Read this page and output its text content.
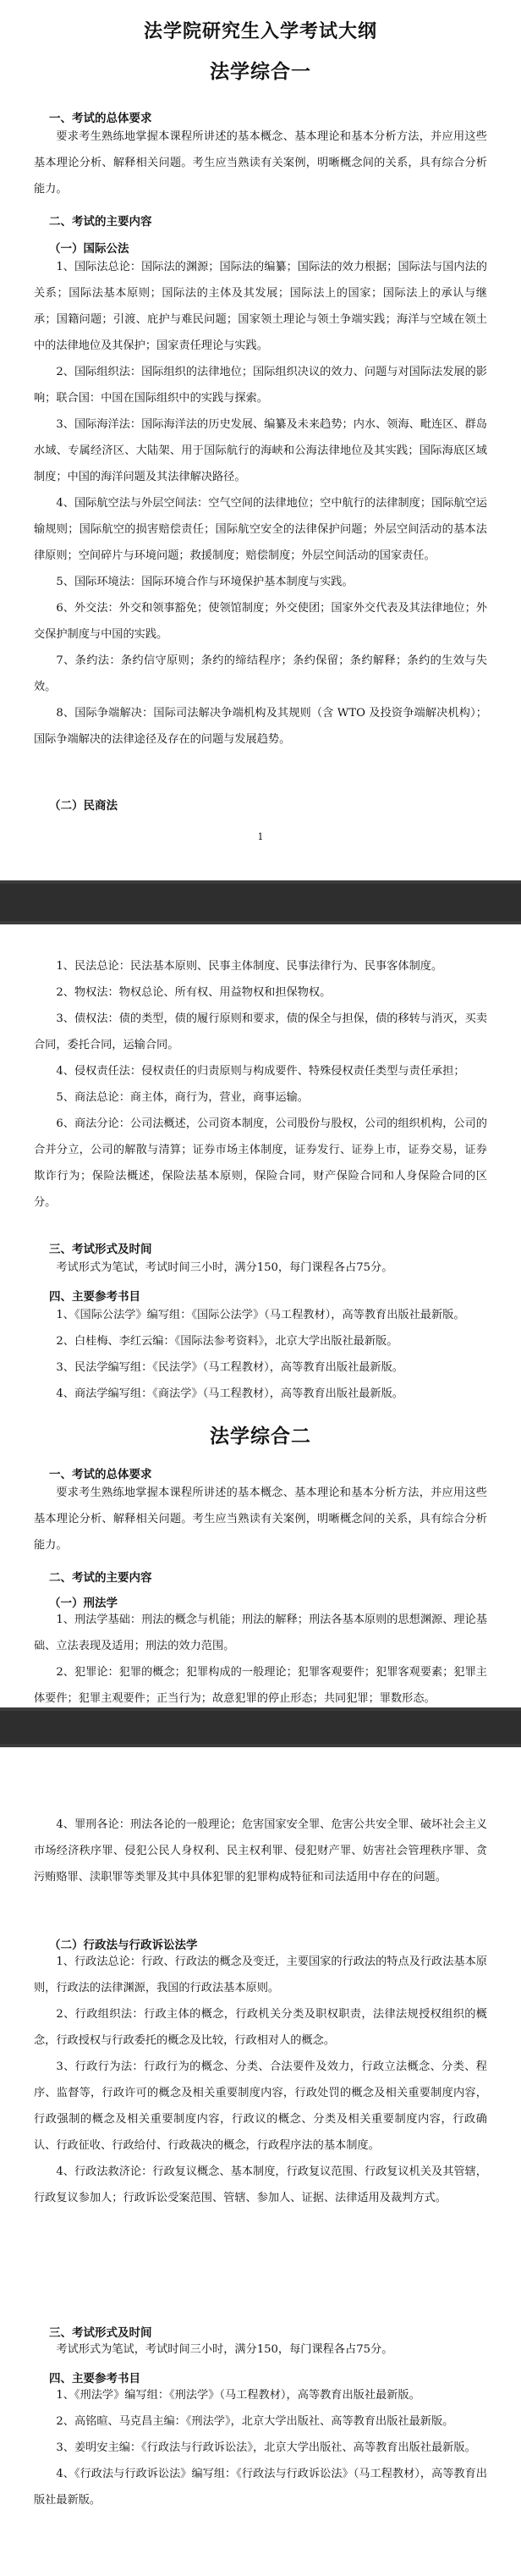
法学院研究生入学考试大纲

法学综合一

一、考试的总体要求

要求考生熟练地掌握本课程所讲述的基本概念、基本理论和基本分析方法，并应用这些基本理论分析、解释相关问题。考生应当熟读有关案例，明晰概念间的关系，具有综合分析能力。

二、考试的主要内容

（一）国际公法

1、国际法总论：国际法的渊源；国际法的编纂；国际法的效力根据；国际法与国内法的关系；国际法基本原则；国际法的主体及其发展；国际法上的国家；国际法上的承认与继承；国籍问题；引渡、庇护与难民问题；国家领土理论与领土争端实践；海洋与空域在领土中的法律地位及其保护；国家责任理论与实践。

2、国际组织法：国际组织的法律地位；国际组织决议的效力、问题与对国际法发展的影响；联合国：中国在国际组织中的实践与探索。

3、国际海洋法：国际海洋法的历史发展、编纂及未来趋势；内水、领海、毗连区、群岛水域、专属经济区、大陆架、用于国际航行的海峡和公海法律地位及其实践；国际海底区域制度；中国的海洋问题及其法律解决路径。

4、国际航空法与外层空间法：空气空间的法律地位；空中航行的法律制度；国际航空运输规则；国际航空的损害赔偿责任；国际航空安全的法律保护问题；外层空间活动的基本法律原则；空间碎片与环境问题；救援制度；赔偿制度；外层空间活动的国家责任。

5、国际环境法：国际环境合作与环境保护基本制度与实践。

6、外交法：外交和领事豁免；使领馆制度；外交使团；国家外交代表及其法律地位；外交保护制度与中国的实践。

7、条约法：条约信守原则；条约的缔结程序；条约保留；条约解释；条约的生效与失效。

8、国际争端解决：国际司法解决争端机构及其规则（含 WTO 及投资争端解决机构）；国际争端解决的法律途径及存在的问题与发展趋势。

（二）民商法

1

1、民法总论：民法基本原则、民事主体制度、民事法律行为、民事客体制度。

2、物权法：物权总论、所有权、用益物权和担保物权。

3、债权法：债的类型，债的履行原则和要求，债的保全与担保，债的移转与消灭，买卖合同，委托合同，运输合同。

4、侵权责任法：侵权责任的归责原则与构成要件、特殊侵权责任类型与责任承担；

5、商法总论：商主体，商行为，营业，商事运输。

6、商法分论：公司法概述，公司资本制度，公司股份与股权，公司的组织机构，公司的合并分立，公司的解散与清算；证券市场主体制度，证券发行、证券上市，证券交易，证券欺诈行为；保险法概述，保险法基本原则，保险合同，财产保险合同和人身保险合同的区分。

三、考试形式及时间

考试形式为笔试，考试时间三小时，满分150，每门课程各占75分。

四、主要参考书目

1、《国际公法学》编写组：《国际公法学》（马工程教材），高等教育出版社最新版。

2、白桂梅、李红云编：《国际法参考资料》，北京大学出版社最新版。

3、民法学编写组：《民法学》（马工程教材），高等教育出版社最新版。

4、商法学编写组：《商法学》（马工程教材），高等教育出版社最新版。

法学综合二

一、考试的总体要求

要求考生熟练地掌握本课程所讲述的基本概念、基本理论和基本分析方法，并应用这些基本理论分析、解释相关问题。考生应当熟读有关案例，明晰概念间的关系，具有综合分析能力。

二、考试的主要内容

（一）刑法学

1、刑法学基础：刑法的概念与机能；刑法的解释；刑法各基本原则的思想渊源、理论基础、立法表现及适用；刑法的效力范围。

2、犯罪论：犯罪的概念；犯罪构成的一般理论；犯罪客观要件；犯罪客观要素；犯罪主体要件；犯罪主观要件；正当行为；故意犯罪的停止形态；共同犯罪；罪数形态。

4、罪刑各论：刑法各论的一般理论；危害国家安全罪、危害公共安全罪、破坏社会主义市场经济秩序罪、侵犯公民人身权利、民主权利罪、侵犯财产罪、妨害社会管理秩序罪、贪污贿赂罪、渎职罪等类罪及其中具体犯罪的犯罪构成特征和司法适用中存在的问题。

（二）行政法与行政诉讼法学

1、行政法总论：行政、行政法的概念及变迁，主要国家的行政法的特点及行政法基本原则，行政法的法律渊源，我国的行政法基本原则。

2、行政组织法：行政主体的概念，行政机关分类及职权职责，法律法规授权组织的概念，行政授权与行政委托的概念及比较，行政相对人的概念。

3、行政行为法：行政行为的概念、分类、合法要件及效力，行政立法概念、分类、程序、监督等，行政许可的概念及相关重要制度内容，行政处罚的概念及相关重要制度内容，行政强制的概念及相关重要制度内容，行政议的概念、分类及相关重要制度内容，行政确认、行政征收、行政给付、行政裁决的概念，行政程序法的基本制度。

4、行政法救济论：行政复议概念、基本制度，行政复议范围、行政复议机关及其管辖，行政复议参加人；行政诉讼受案范围、管辖、参加人、证据、法律适用及裁判方式。

三、考试形式及时间

考试形式为笔试，考试时间三小时，满分150，每门课程各占75分。

四、主要参考书目

1、《刑法学》编写组：《刑法学》（马工程教材），高等教育出版社最新版。

2、高铭暄、马克昌主编：《刑法学》，北京大学出版社、高等教育出版社最新版。

3、姜明安主编：《行政法与行政诉讼法》，北京大学出版社、高等教育出版社最新版。

4、《行政法与行政诉讼法》编写组：《行政法与行政诉讼法》（马工程教材），高等教育出版社最新版。
